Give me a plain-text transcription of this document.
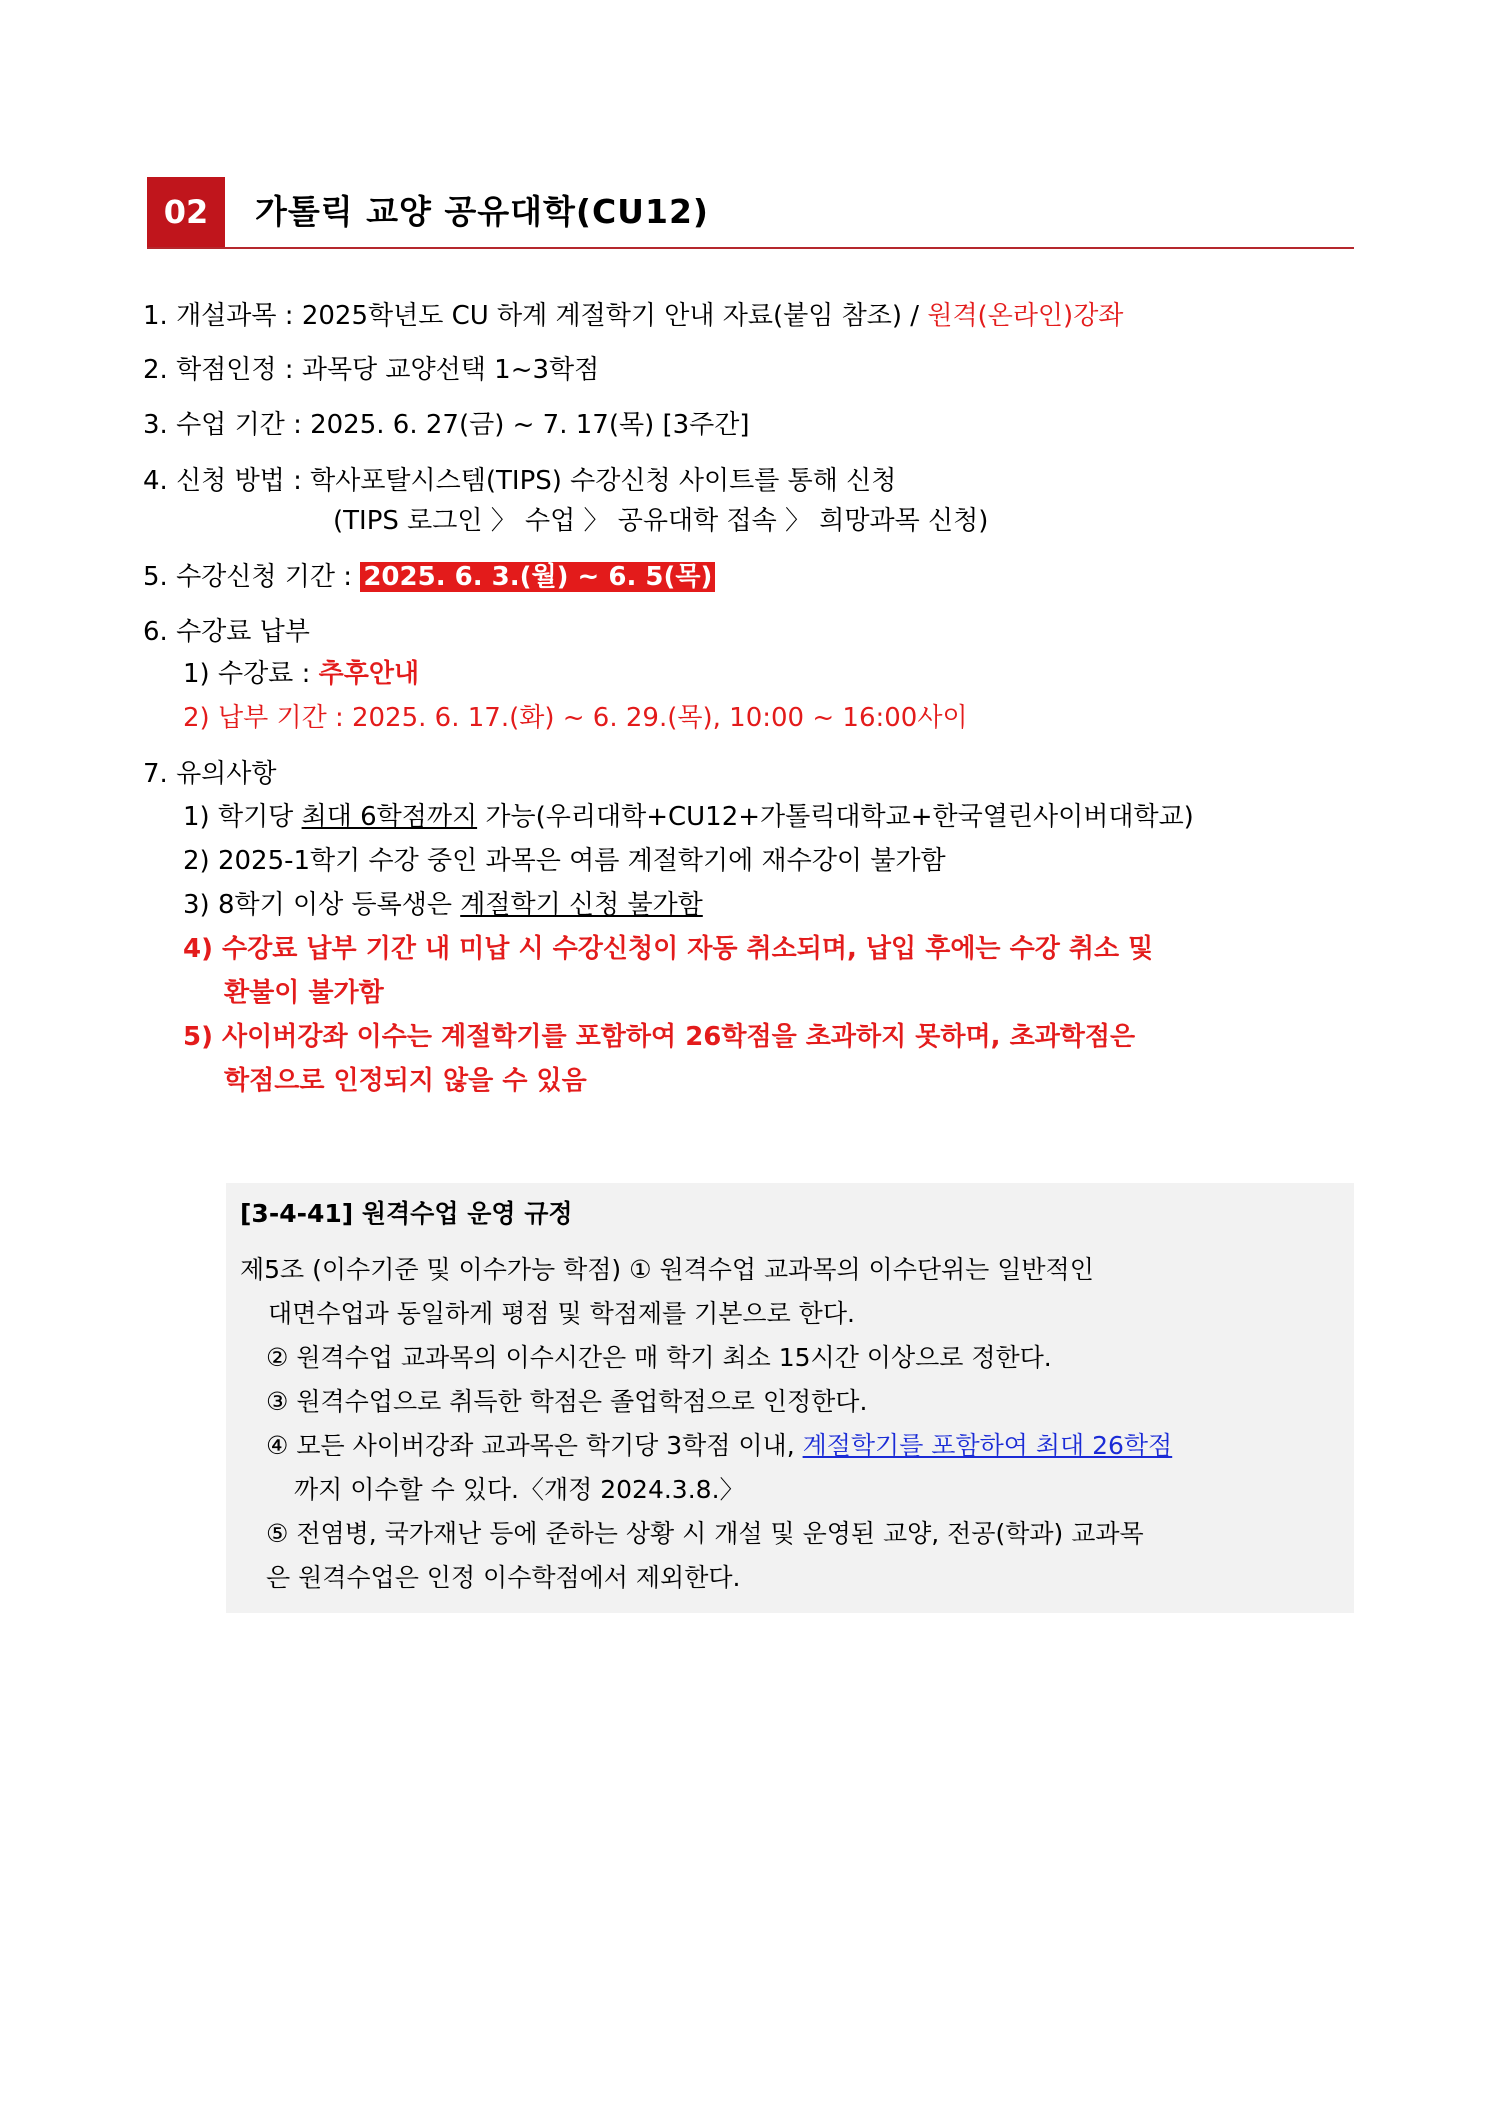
02	가톨릭 교양 공유대학(CU12)
1. 개설과목 : 2025학년도 CU 하계 계절학기 안내 자료(붙임 참조) / 원격(온라인)강좌
2. 학점인정 : 과목당 교양선택 1~3학점
3. 수업 기간 : 2025. 6. 27(금) ~ 7. 17(목) [3주간]
4. 신청 방법 : 학사포탈시스템(TIPS) 수강신청 사이트를 통해 신청
(TIPS 로그인 〉 수업 〉 공유대학 접속 〉 희망과목 신청)
5. 수강신청 기간 : 2025. 6. 3.(월) ~ 6. 5(목)
6. 수강료 납부
1) 수강료 : 추후안내
2) 납부 기간 : 2025. 6. 17.(화) ~ 6. 29.(목), 10:00 ~ 16:00사이
7. 유의사항
1) 학기당 최대 6학점까지 가능(우리대학+CU12+가톨릭대학교+한국열린사이버대학교)
2) 2025-1학기 수강 중인 과목은 여름 계절학기에 재수강이 불가함
3) 8학기 이상 등록생은 계절학기 신청 불가함
4) 수강료 납부 기간 내 미납 시 수강신청이 자동 취소되며, 납입 후에는 수강 취소 및
환불이 불가함
5) 사이버강좌 이수는 계절학기를 포함하여 26학점을 초과하지 못하며, 초과학점은
학점으로 인정되지 않을 수 있음
[3-4-41] 원격수업 운영 규정
제5조 (이수기준 및 이수가능 학점) ① 원격수업 교과목의 이수단위는 일반적인
대면수업과 동일하게 평점 및 학점제를 기본으로 한다.
② 원격수업 교과목의 이수시간은 매 학기 최소 15시간 이상으로 정한다.
③ 원격수업으로 취득한 학점은 졸업학점으로 인정한다.
④ 모든 사이버강좌 교과목은 학기당 3학점 이내, 계절학기를 포함하여 최대 26학점
까지 이수할 수 있다.〈개정 2024.3.8.〉
⑤ 전염병, 국가재난 등에 준하는 상황 시 개설 및 운영된 교양, 전공(학과) 교과목
은 원격수업은 인정 이수학점에서 제외한다.
